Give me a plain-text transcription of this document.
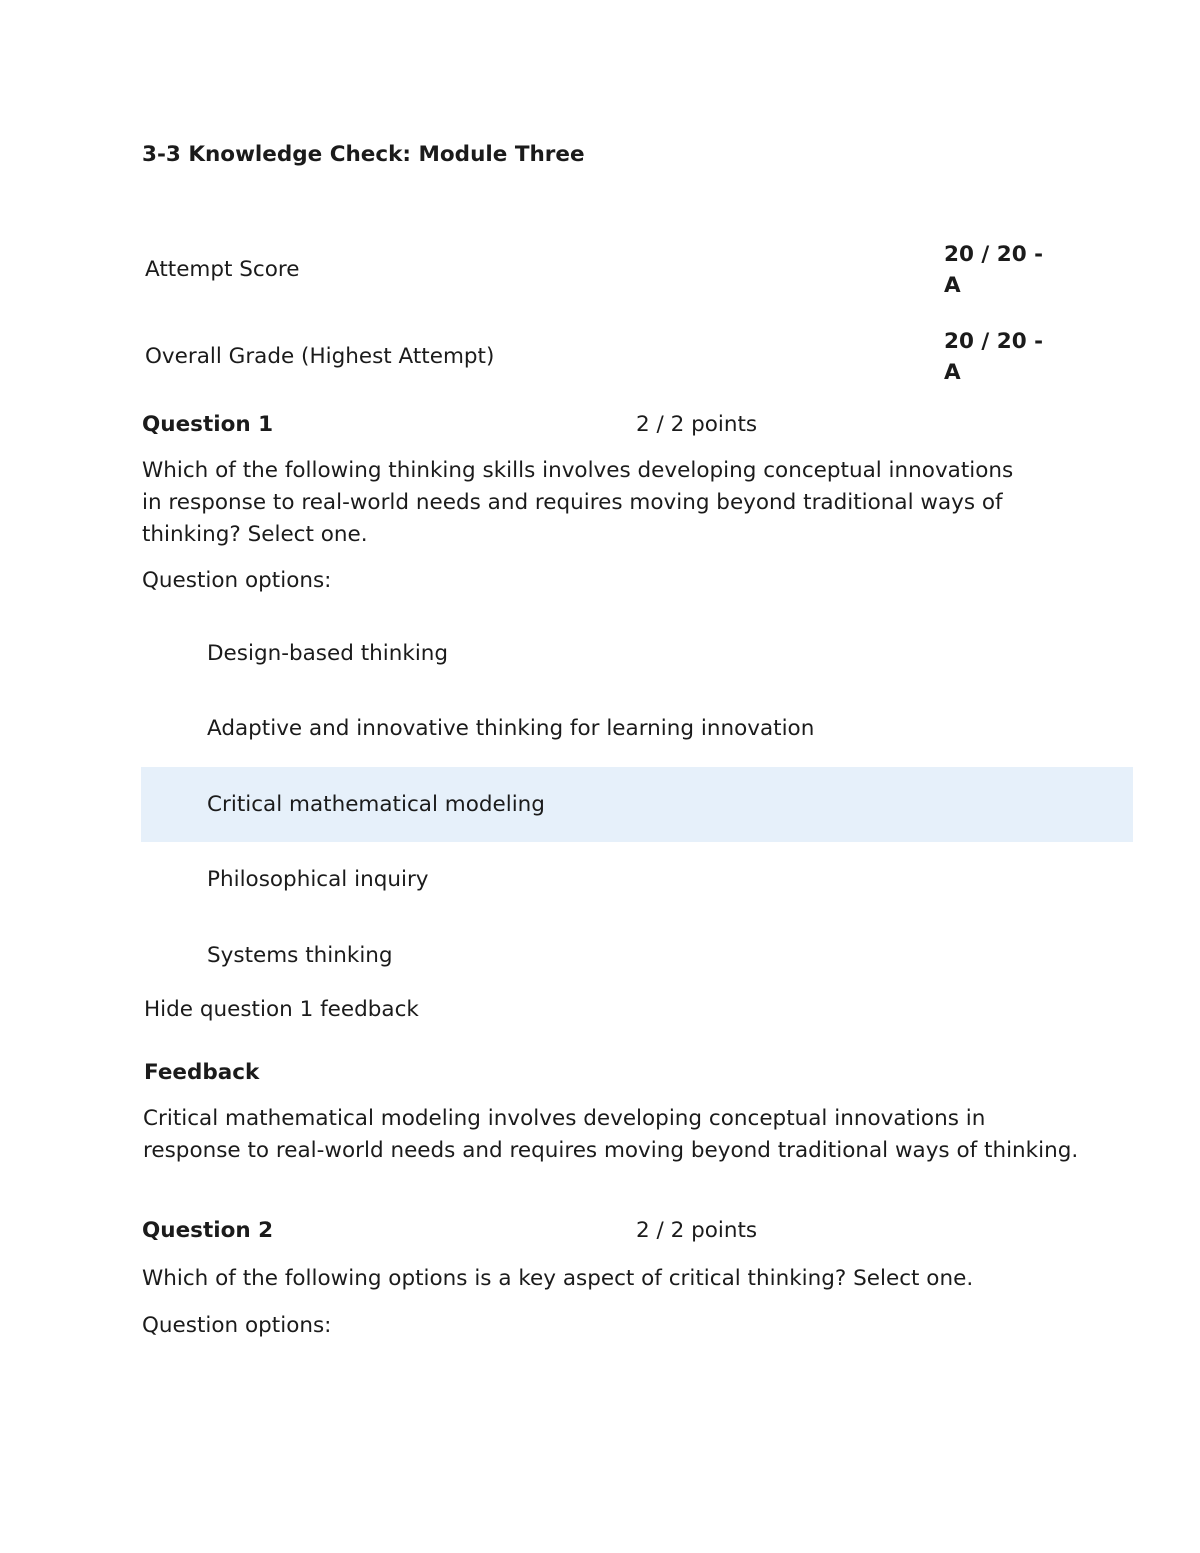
3-3 Knowledge Check: Module Three
Attempt Score
20 / 20 -
A
Overall Grade (Highest Attempt)
20 / 20 -
A
Question 1	2 / 2 points
Which of the following thinking skills involves developing conceptual innovations in response to real-world needs and requires moving beyond traditional ways of thinking? Select one.
Question options:
Design-based thinking
Adaptive and innovative thinking for learning innovation
Critical mathematical modeling
Philosophical inquiry
Systems thinking
Hide question 1 feedback
Feedback
Critical mathematical modeling involves developing conceptual innovations in response to real-world needs and requires moving beyond traditional ways of thinking.
Question 2	2 / 2 points
Which of the following options is a key aspect of critical thinking? Select one.
Question options:
